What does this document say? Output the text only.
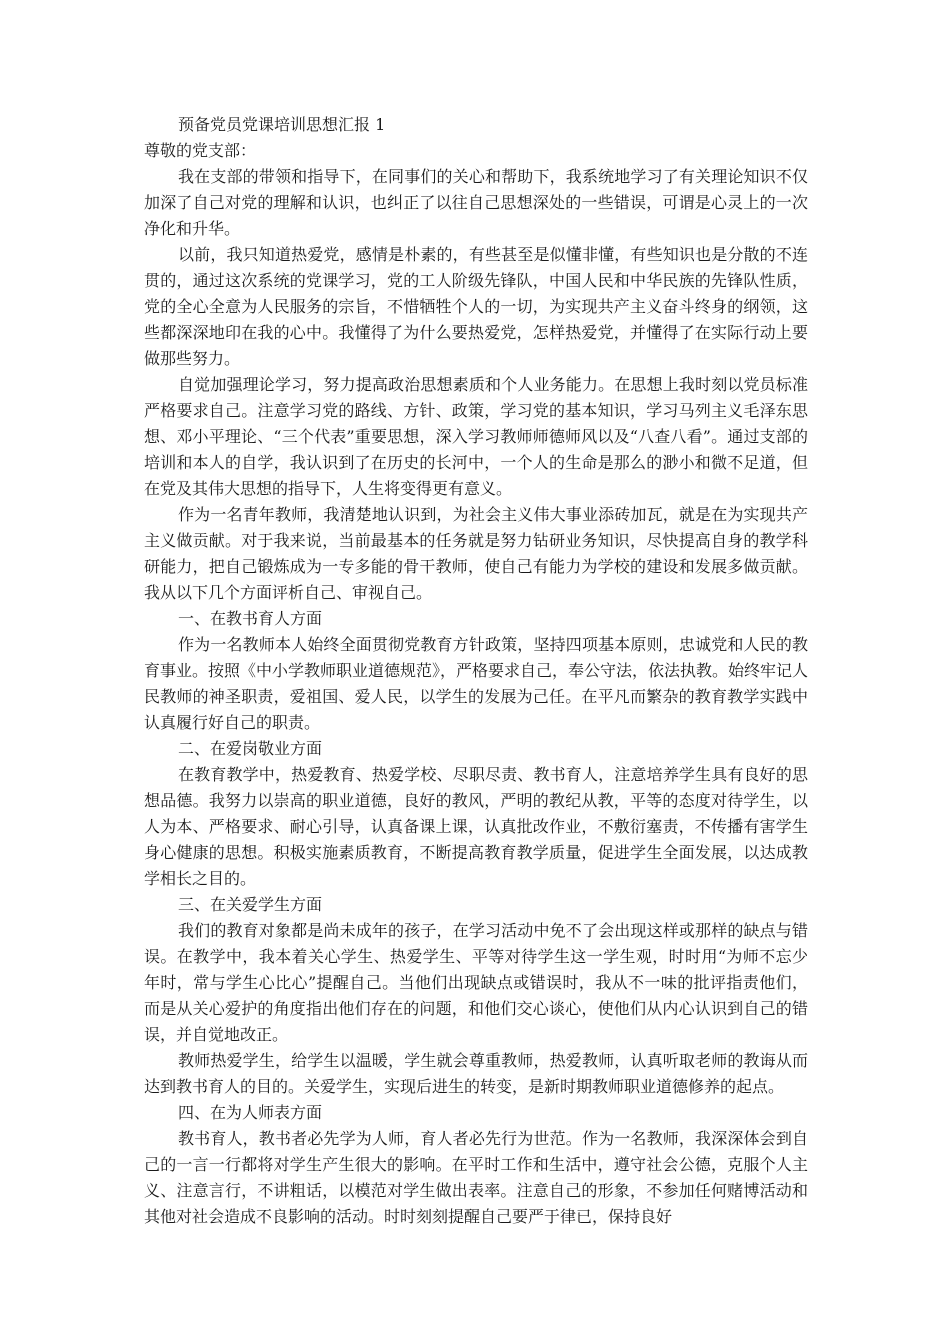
预备党员党课培训思想汇报 1

尊敬的党支部：

我在支部的带领和指导下，在同事们的关心和帮助下，我系统地学习了有关理论知识不仅加深了自己对党的理解和认识，也纠正了以往自己思想深处的一些错误，可谓是心灵上的一次净化和升华。

以前，我只知道热爱党，感情是朴素的，有些甚至是似懂非懂，有些知识也是分散的不连贯的，通过这次系统的党课学习，党的工人阶级先锋队，中国人民和中华民族的先锋队性质，党的全心全意为人民服务的宗旨，不惜牺牲个人的一切，为实现共产主义奋斗终身的纲领，这些都深深地印在我的心中。我懂得了为什么要热爱党，怎样热爱党，并懂得了在实际行动上要做那些努力。

自觉加强理论学习，努力提高政治思想素质和个人业务能力。在思想上我时刻以党员标准严格要求自己。注意学习党的路线、方针、政策，学习党的基本知识，学习马列主义毛泽东思想、邓小平理论、“三个代表”重要思想，深入学习教师师德师风以及“八查八看”。通过支部的培训和本人的自学，我认识到了在历史的长河中，一个人的生命是那么的渺小和微不足道，但在党及其伟大思想的指导下，人生将变得更有意义。

作为一名青年教师，我清楚地认识到，为社会主义伟大事业添砖加瓦，就是在为实现共产主义做贡献。对于我来说，当前最基本的任务就是努力钻研业务知识，尽快提高自身的教学科研能力，把自己锻炼成为一专多能的骨干教师，使自己有能力为学校的建设和发展多做贡献。我从以下几个方面评析自己、审视自己。

一、在教书育人方面

作为一名教师本人始终全面贯彻党教育方针政策，坚持四项基本原则，忠诚党和人民的教育事业。按照《中小学教师职业道德规范》，严格要求自己，奉公守法，依法执教。始终牢记人民教师的神圣职责，爱祖国、爱人民，以学生的发展为己任。在平凡而繁杂的教育教学实践中认真履行好自己的职责。

二、在爱岗敬业方面

在教育教学中，热爱教育、热爱学校、尽职尽责、教书育人，注意培养学生具有良好的思想品德。我努力以崇高的职业道德，良好的教风，严明的教纪从教，平等的态度对待学生，以人为本、严格要求、耐心引导，认真备课上课，认真批改作业，不敷衍塞责，不传播有害学生身心健康的思想。积极实施素质教育，不断提高教育教学质量，促进学生全面发展，以达成教学相长之目的。

三、在关爱学生方面

我们的教育对象都是尚未成年的孩子，在学习活动中免不了会出现这样或那样的缺点与错误。在教学中，我本着关心学生、热爱学生、平等对待学生这一学生观，时时用“为师不忘少年时，常与学生心比心”提醒自己。当他们出现缺点或错误时，我从不一味的批评指责他们，而是从关心爱护的角度指出他们存在的问题，和他们交心谈心，使他们从内心认识到自己的错误，并自觉地改正。

教师热爱学生，给学生以温暖，学生就会尊重教师，热爱教师，认真听取老师的教诲从而达到教书育人的目的。关爱学生，实现后进生的转变，是新时期教师职业道德修养的起点。

四、在为人师表方面

教书育人，教书者必先学为人师，育人者必先行为世范。作为一名教师，我深深体会到自己的一言一行都将对学生产生很大的影响。在平时工作和生活中，遵守社会公德，克服个人主义、注意言行，不讲粗话，以模范对学生做出表率。注意自己的形象，不参加任何赌博活动和其他对社会造成不良影响的活动。时时刻刻提醒自己要严于律已，保持良好
